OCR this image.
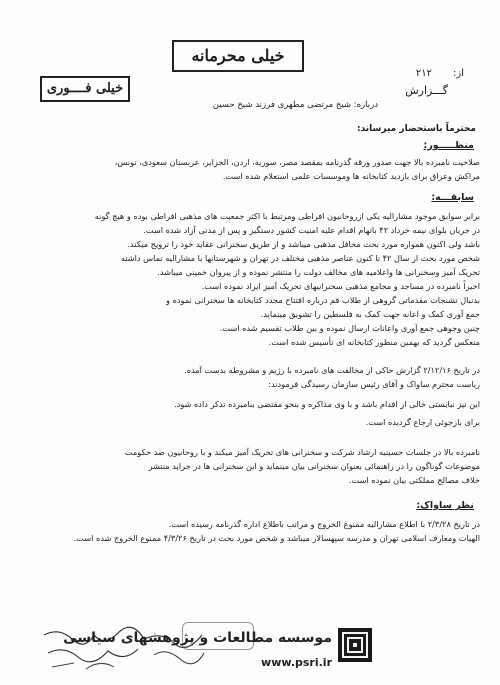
خیلی محرمانه
خیلی فــــوری
از:
۲۱۲
گـــزارش
درباره: شیخ مرتضی مطهری فرزند شیخ حسین
محترماً باستحضار میرساند:
منظـــــور:
صلاحیت نامبرده بالا جهت صدور ورقه گذرنامه بمقصد مصر، سوریه، اردن، الجزایر، عربستان سعودی، تونس،
مراکش وعراق برای بازدید کتابخانه ها وموسسات علمی استعلام شده است.
سابقـــه:
برابر سوابق موجود مشارالیه یکی ازروحانیون افراطی ومرتبط با اکثر جمعیت های مذهبی افراطی بوده و هیچ گونه
در جریان بلوای نیمه خرداد ۴۲ باتهام اقدام علیه امنیت کشور دستگیر و پس از مدتی آزاد شده است.
باشد ولی اکنون همواره مورد بحث محافل مذهبی میباشد و از طریق سخنرانی عقاید خود را ترویج میکند.
شخص مورد بحث از سال ۴۲ تا کنون عناصر مذهبی مختلف در تهران و شهرستانها با مشارالیه تماس داشته
تحریک آمیز وسخنرانی ها واعلامیه های مخالف دولت را منتشر نموده و از پیروان خمینی میباشد.
اخیراً نامبرده در مساجد و مجامع مذهبی سخنرانیهای تحریک آمیز ایراد نموده است.
بدنبال تشنجات مقدماتی گروهی از طلاب قم درباره افتتاح مجدد کتابخانه ها سخنرانی نموده و
جمع آوری کمک و اعانه جهت کمک به فلسطین را تشویق مینماید.
چنین وجوهی جمع آوری واعانات ارسال نموده و بین طلاب تقسیم شده است.
منعکس گردید که بهمین منظور کتابخانه ای تأسیس شده است.
در تاریخ ۲/۱۲/۱۶ گزارش حاکی از مخالفت های نامبرده با رژیم و مشروطه بدست آمده.
ریاست محترم ساواک و آقای رئیس سازمان رسیدگی فرمودند:
این نیز نبایستی خالی از اقدام باشد و با وی مذاکره و بنحو مقتضی بنامبرده تذکر داده شود.
برای بازجوئی ارجاع گردیده است.
نامبرده بالا در جلسات حسینیه ارشاد شرکت و سخنرانی های تحریک آمیز میکند و با روحانیون ضد حکومت
موضوعات گوناگون را در راهنمائی بعنوان سخنرانی بیان مینماید و این سخنرانی ها در جراید منتشر
خلاف مصالح مملکتی بیان نموده است.
نظر ساواک:
در تاریخ ۲/۳/۲۸ با اطلاع مشارالیه ممنوع الخروج و مراتب باطلاع اداره گذرنامه رسیده است.
الهیات ومعارف اسلامی تهران و مدرسه سپهسالار میباشد و شخص مورد بحث در تاریخ ۴/۳/۲۶ ممنوع الخروج شده است.
موسسه مطالعات و پژوهشهای سیاسی
www.psri.ir
